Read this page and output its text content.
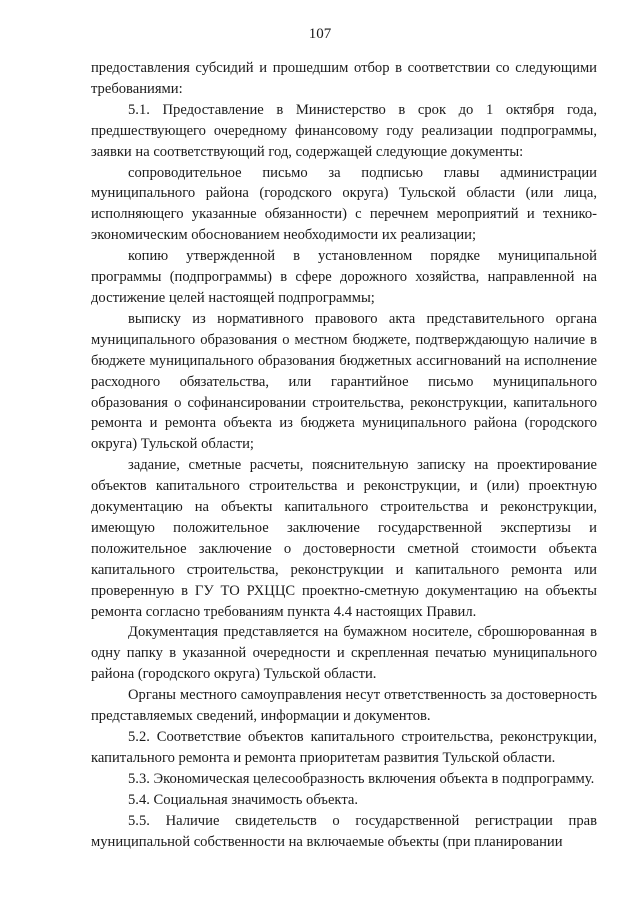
107

предоставления субсидий и прошедшим отбор в соответствии со следующими требованиями:

5.1. Предоставление в Министерство в срок до 1 октября года, предшествующего очередному финансовому году реализации подпрограммы, заявки на соответствующий год, содержащей следующие документы:

сопроводительное письмо за подписью главы администрации муниципального района (городского округа) Тульской области (или лица, исполняющего указанные обязанности) с перечнем мероприятий и технико-экономическим обоснованием необходимости их реализации;

копию утвержденной в установленном порядке муниципальной программы (подпрограммы) в сфере дорожного хозяйства, направленной на достижение целей настоящей подпрограммы;

выписку из нормативного правового акта представительного органа муниципального образования о местном бюджете, подтверждающую наличие в бюджете муниципального образования бюджетных ассигнований на исполнение расходного обязательства, или гарантийное письмо муниципального образования о софинансировании строительства, реконструкции, капитального ремонта и ремонта объекта из бюджета муниципального района (городского округа) Тульской области;

задание, сметные расчеты, пояснительную записку на проектирование объектов капитального строительства и реконструкции, и (или) проектную документацию на объекты капитального строительства и реконструкции, имеющую положительное заключение государственной экспертизы и положительное заключение о достоверности сметной стоимости объекта капитального строительства, реконструкции и капитального ремонта или проверенную в ГУ ТО РХЦЦС проектно-сметную документацию на объекты ремонта согласно требованиям пункта 4.4 настоящих Правил.

Документация представляется на бумажном носителе, сброшюрованная в одну папку в указанной очередности и скрепленная печатью муниципального района (городского округа) Тульской области.

Органы местного самоуправления несут ответственность за достоверность представляемых сведений, информации и документов.

5.2. Соответствие объектов капитального строительства, реконструкции, капитального ремонта и ремонта приоритетам развития Тульской области.

5.3. Экономическая целесообразность включения объекта в подпрограмму.

5.4. Социальная значимость объекта.

5.5. Наличие свидетельств о государственной регистрации прав муниципальной собственности на включаемые объекты (при планировании
